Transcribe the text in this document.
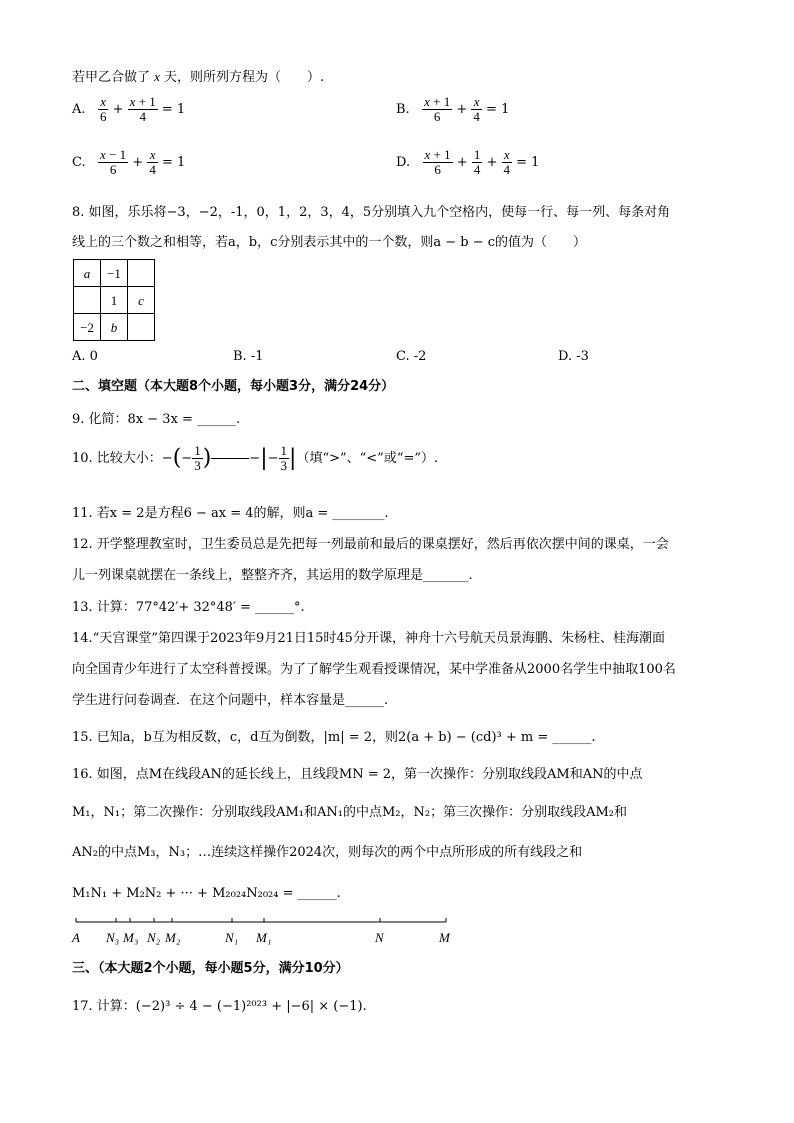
若甲乙合做了 x 天，则所列方程为（　　）.
A. $\frac{x}{6} + \frac{x + 1}{4} = 1$	B. $\frac{x + 1}{6} + \frac{x}{4} = 1$
C. $\frac{x - 1}{6} + \frac{x}{4} = 1$	D. $\frac{x + 1}{6} + \frac{1}{4} + \frac{x}{4} = 1$
8. 如图，乐乐将−3，−2，-1，0，1，2，3，4，5分别填入九个空格内，使每一行、每一列、每条对角
线上的三个数之和相等，若a，b，c分别表示其中的一个数，则a − b − c的值为（　　）
a	−1	
	1	c
−2	b	
A. 0	B. -1	C. -2	D. -3
二、填空题（本大题8个小题，每小题3分，满分24分）
9. 化简：8x − 3x = ______.
10. 比较大小：−(− $\frac{1}{3}$ )	−|− $\frac{1}{3}$ |（填“>”、“<”或“=”）.
11. 若x = 2是方程6 − ax = 4的解，则a = ________.
12. 开学整理教室时，卫生委员总是先把每一列最前和最后的课桌摆好，然后再依次摆中间的课桌，一会
儿一列课桌就摆在一条线上，整整齐齐，其运用的数学原理是_______.
13. 计算：77°42′+ 32°48′ = ______°.
14.“天宫课堂”第四课于2023年9月21日15时45分开课，神舟十六号航天员景海鹏、朱杨柱、桂海潮面
向全国青少年进行了太空科普授课。为了了解学生观看授课情况，某中学准备从2000名学生中抽取100名
学生进行问卷调查．在这个问题中，样本容量是______.
15. 已知a，b互为相反数，c，d互为倒数，|m| = 2，则2(a + b) − (cd)³ + m = ______.
16. 如图，点M在线段AN的延长线上，且线段MN = 2，第一次操作：分别取线段AM和AN的中点
M₁，N₁；第二次操作：分别取线段AM₁和AN₁的中点M₂，N₂；第三次操作：分别取线段AM₂和
AN₂的中点M₃，N₃；…连续这样操作2024次，则每次的两个中点所形成的所有线段之和
M₁N₁ + M₂N₂ + ··· + M₂₀₂₄N₂₀₂₄ = ______.
A N₃ M₃ N₂ M₂	N₁ M₁	N	M
三、（本大题2个小题，每小题5分，满分10分）
17. 计算：(−2)³ ÷ 4 − (−1)²⁰²³ + |−6| × (−1).
